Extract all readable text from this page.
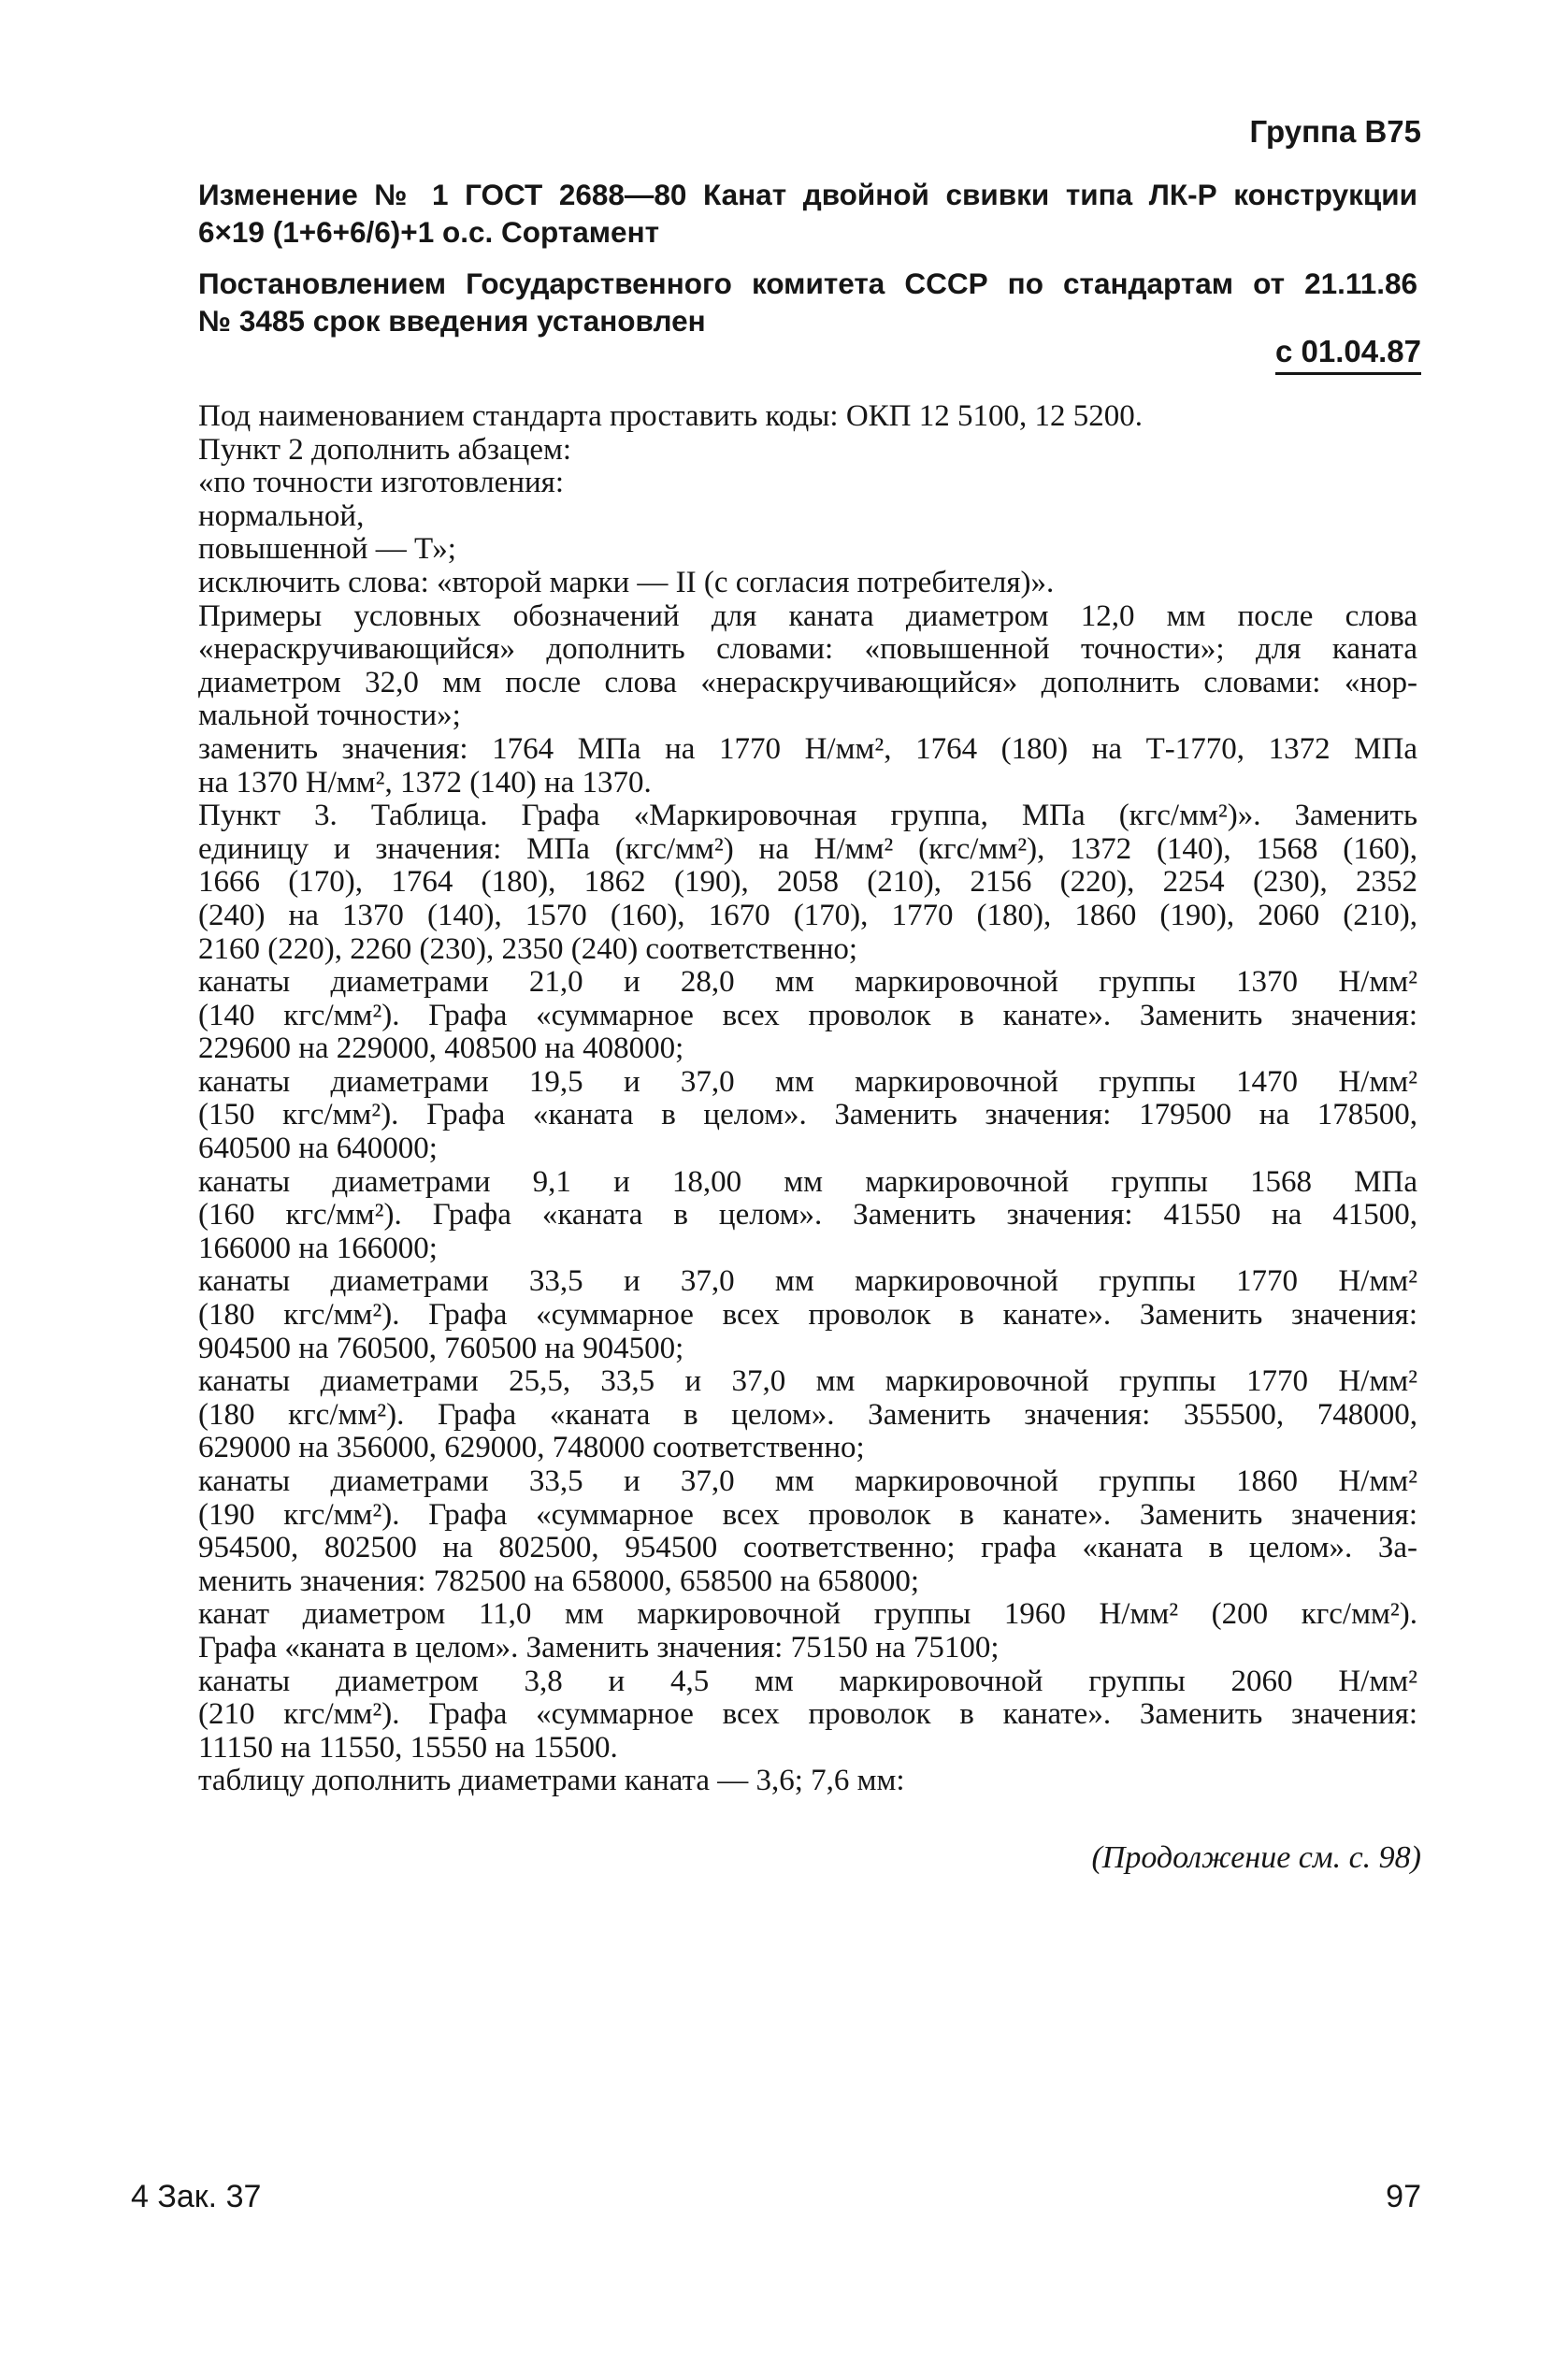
Группа В75
Изменение № 1 ГОСТ 2688—80 Канат двойной свивки типа ЛК-Р конструкции
6×19 (1+6+6/6)+1 о.с. Сортамент
Постановлением Государственного комитета СССР по стандартам от 21.11.86
№ 3485 срок введения установлен
с 01.04.87
Под наименованием стандарта проставить коды: ОКП 12 5100, 12 5200.
Пункт 2 дополнить абзацем:
«по точности изготовления:
нормальной,
повышенной — Т»;
исключить слова: «второй марки — II (с согласия потребителя)».
Примеры условных обозначений для каната диаметром 12,0 мм после слова
«нераскручивающийся» дополнить словами: «повышенной точности»; для каната
диаметром 32,0 мм после слова «нераскручивающийся» дополнить словами: «нор-
мальной точности»;
заменить значения: 1764 МПа на 1770 Н/мм², 1764 (180) на Т-1770, 1372 МПа
на 1370 Н/мм², 1372 (140) на 1370.
Пункт 3. Таблица. Графа «Маркировочная группа, МПа (кгс/мм²)». Заменить
единицу и значения: МПа (кгс/мм²) на Н/мм² (кгс/мм²), 1372 (140), 1568 (160),
1666 (170), 1764 (180), 1862 (190), 2058 (210), 2156 (220), 2254 (230), 2352
(240) на 1370 (140), 1570 (160), 1670 (170), 1770 (180), 1860 (190), 2060 (210),
2160 (220), 2260 (230), 2350 (240) соответственно;
канаты диаметрами 21,0 и 28,0 мм маркировочной группы 1370 Н/мм²
(140 кгс/мм²). Графа «суммарное всех проволок в канате». Заменить значения:
229600 на 229000, 408500 на 408000;
канаты диаметрами 19,5 и 37,0 мм маркировочной группы 1470 Н/мм²
(150 кгс/мм²). Графа «каната в целом». Заменить значения: 179500 на 178500,
640500 на 640000;
канаты диаметрами 9,1 и 18,00 мм маркировочной группы 1568 МПа
(160 кгс/мм²). Графа «каната в целом». Заменить значения: 41550 на 41500,
166000 на 166000;
канаты диаметрами 33,5 и 37,0 мм маркировочной группы 1770 Н/мм²
(180 кгс/мм²). Графа «суммарное всех проволок в канате». Заменить значения:
904500 на 760500, 760500 на 904500;
канаты диаметрами 25,5, 33,5 и 37,0 мм маркировочной группы 1770 Н/мм²
(180 кгс/мм²). Графа «каната в целом». Заменить значения: 355500, 748000,
629000 на 356000, 629000, 748000 соответственно;
канаты диаметрами 33,5 и 37,0 мм маркировочной группы 1860 Н/мм²
(190 кгс/мм²). Графа «суммарное всех проволок в канате». Заменить значения:
954500, 802500 на 802500, 954500 соответственно; графа «каната в целом». За-
менить значения: 782500 на 658000, 658500 на 658000;
канат диаметром 11,0 мм маркировочной группы 1960 Н/мм² (200 кгс/мм²).
Графа «каната в целом». Заменить значения: 75150 на 75100;
канаты диаметром 3,8 и 4,5 мм маркировочной группы 2060 Н/мм²
(210 кгс/мм²). Графа «суммарное всех проволок в канате». Заменить значения:
11150 на 11550, 15550 на 15500.
таблицу дополнить диаметрами каната — 3,6; 7,6 мм:
(Продолжение см. с. 98)
4 Зак. 37	97
